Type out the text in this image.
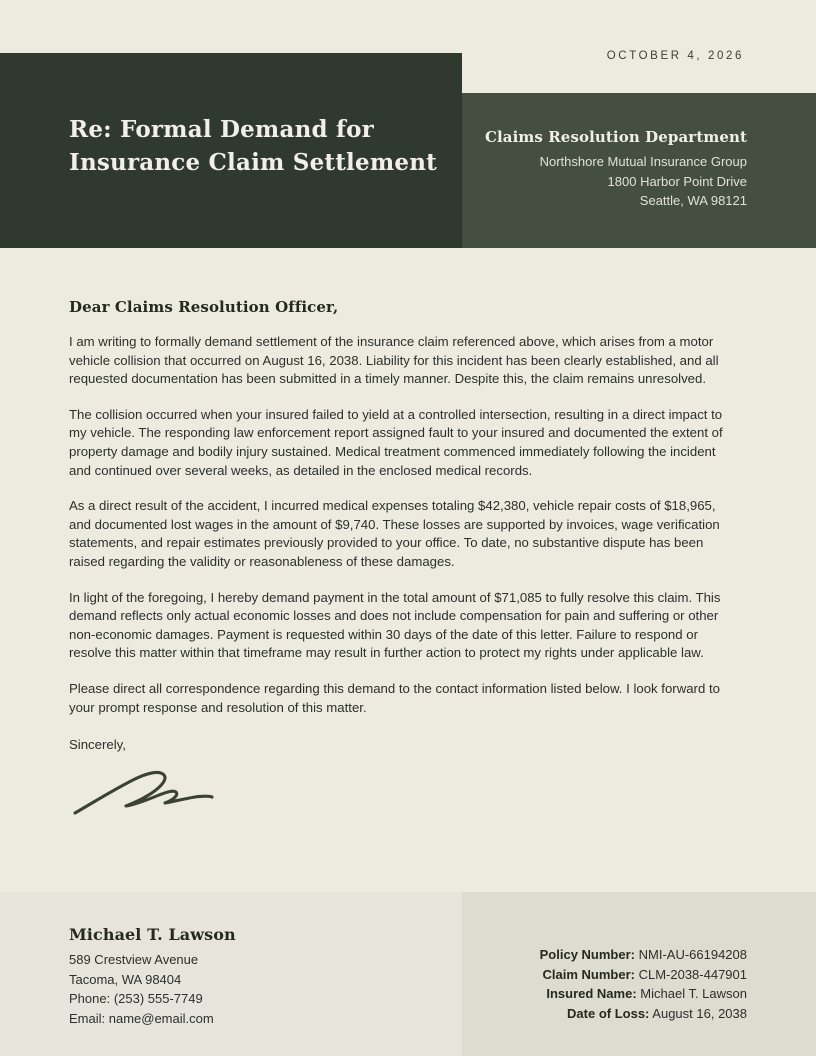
OCTOBER 4, 2026
Re: Formal Demand for Insurance Claim Settlement
Claims Resolution Department
Northshore Mutual Insurance Group
1800 Harbor Point Drive
Seattle, WA 98121
Dear Claims Resolution Officer,
I am writing to formally demand settlement of the insurance claim referenced above, which arises from a motor vehicle collision that occurred on August 16, 2038. Liability for this incident has been clearly established, and all requested documentation has been submitted in a timely manner. Despite this, the claim remains unresolved.
The collision occurred when your insured failed to yield at a controlled intersection, resulting in a direct impact to my vehicle. The responding law enforcement report assigned fault to your insured and documented the extent of property damage and bodily injury sustained. Medical treatment commenced immediately following the incident and continued over several weeks, as detailed in the enclosed medical records.
As a direct result of the accident, I incurred medical expenses totaling $42,380, vehicle repair costs of $18,965, and documented lost wages in the amount of $9,740. These losses are supported by invoices, wage verification statements, and repair estimates previously provided to your office. To date, no substantive dispute has been raised regarding the validity or reasonableness of these damages.
In light of the foregoing, I hereby demand payment in the total amount of $71,085 to fully resolve this claim. This demand reflects only actual economic losses and does not include compensation for pain and suffering or other non-economic damages. Payment is requested within 30 days of the date of this letter. Failure to respond or resolve this matter within that timeframe may result in further action to protect my rights under applicable law.
Please direct all correspondence regarding this demand to the contact information listed below. I look forward to your prompt response and resolution of this matter.
Sincerely,
Michael T. Lawson
589 Crestview Avenue
Tacoma, WA 98404
Phone: (253) 555-7749
Email: name@email.com
Policy Number: NMI-AU-66194208
Claim Number: CLM-2038-447901
Insured Name: Michael T. Lawson
Date of Loss: August 16, 2038
